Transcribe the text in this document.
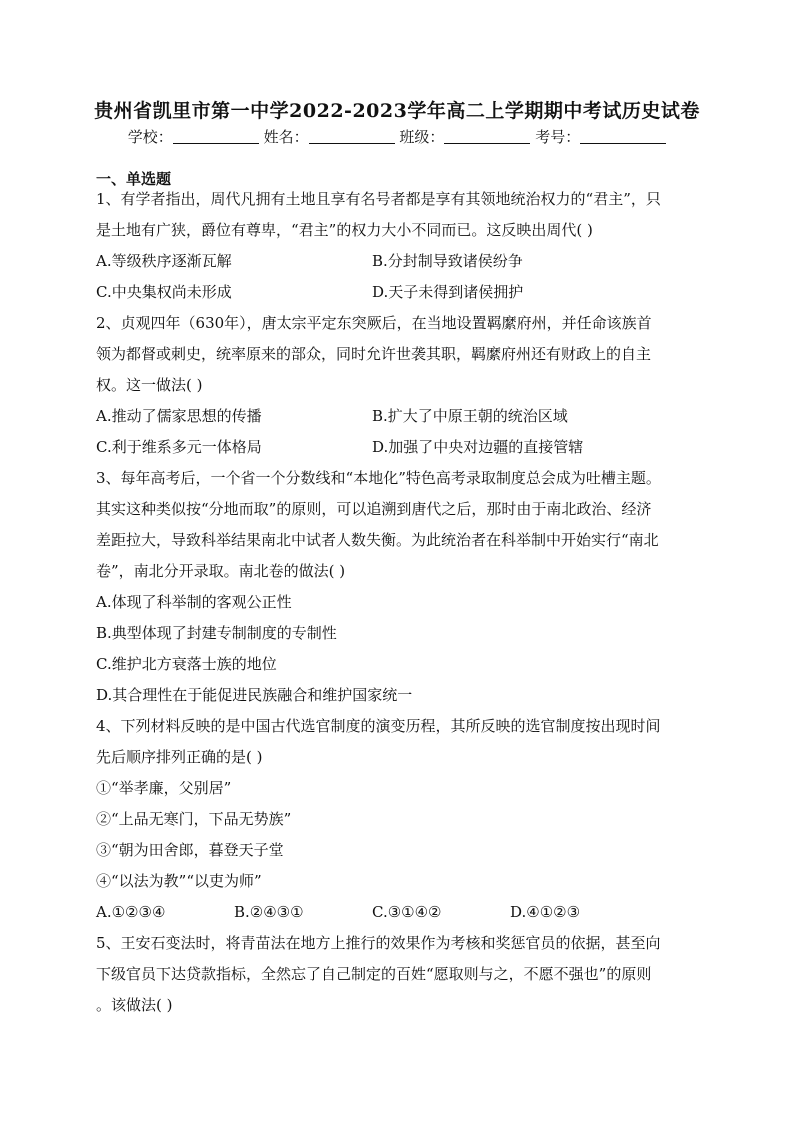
贵州省凯里市第一中学2022-2023学年高二上学期期中考试历史试卷
学校：	姓名：	班级：	考号：
一、单选题
1、有学者指出，周代凡拥有土地且享有名号者都是享有其领地统治权力的“君主”，只
是土地有广狭，爵位有尊卑，“君主”的权力大小不同而已。这反映出周代( )
A.等级秩序逐渐瓦解	B.分封制导致诸侯纷争
C.中央集权尚未形成	D.天子未得到诸侯拥护
2、贞观四年（630年），唐太宗平定东突厥后，在当地设置羁縻府州，并任命该族首
领为都督或刺史，统率原来的部众，同时允许世袭其职，羁縻府州还有财政上的自主
权。这一做法( )
A.推动了儒家思想的传播	B.扩大了中原王朝的统治区域
C.利于维系多元一体格局	D.加强了中央对边疆的直接管辖
3、每年高考后，一个省一个分数线和“本地化”特色高考录取制度总会成为吐槽主题。
其实这种类似按“分地而取”的原则，可以追溯到唐代之后，那时由于南北政治、经济
差距拉大，导致科举结果南北中试者人数失衡。为此统治者在科举制中开始实行“南北
卷”，南北分开录取。南北卷的做法( )
A.体现了科举制的客观公正性
B.典型体现了封建专制制度的专制性
C.维护北方衰落士族的地位
D.其合理性在于能促进民族融合和维护国家统一
4、下列材料反映的是中国古代选官制度的演变历程，其所反映的选官制度按出现时间
先后顺序排列正确的是( )
①“举孝廉，父别居”
②“上品无寒门，下品无势族”
③“朝为田舍郎，暮登天子堂
④“以法为教”“以吏为师”
A.①②③④	B.②④③①	C.③①④②	D.④①②③
5、王安石变法时，将青苗法在地方上推行的效果作为考核和奖惩官员的依据，甚至向
下级官员下达贷款指标，全然忘了自己制定的百姓“愿取则与之，不愿不强也”的原则
。该做法( )
